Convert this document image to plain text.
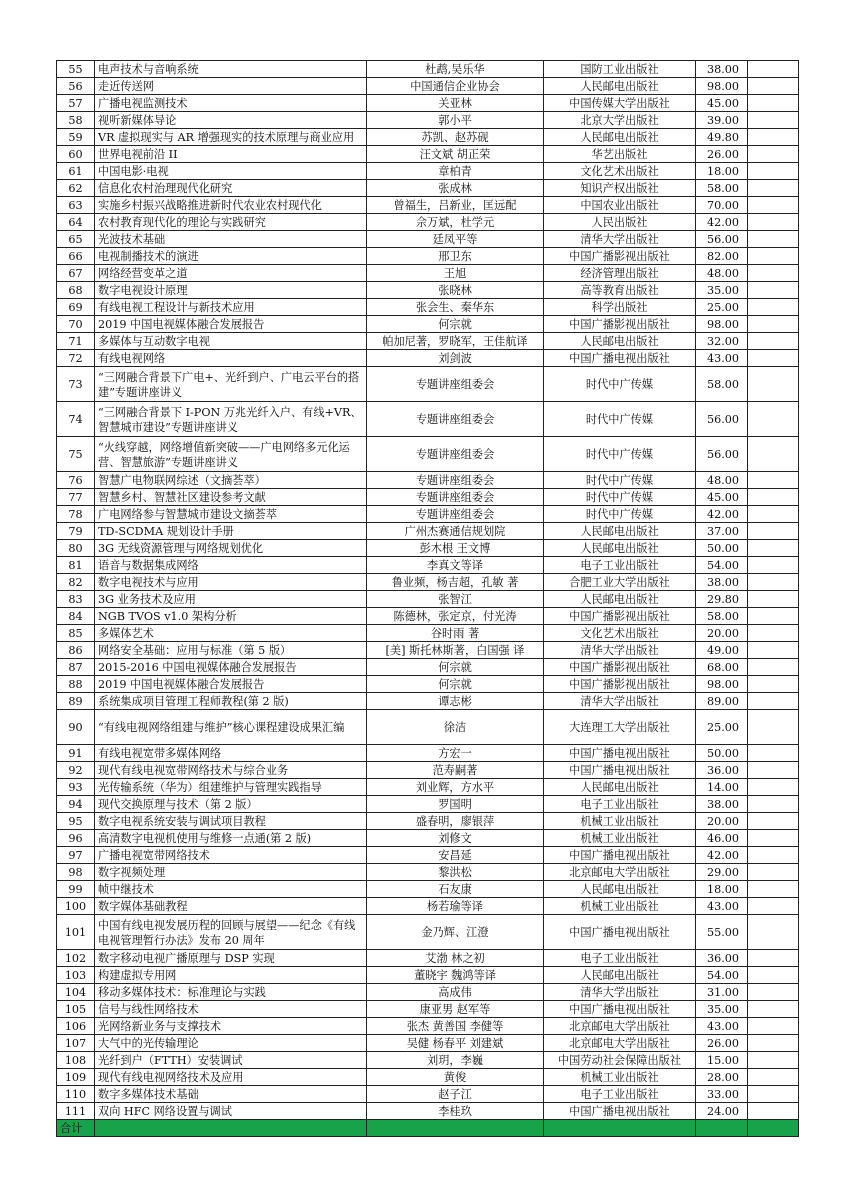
55	电声技术与音响系统	杜鹉,吴乐华	国防工业出版社	38.00	
56	走近传送网	中国通信企业协会	人民邮电出版社	98.00	
57	广播电视监测技术	关亚林	中国传媒大学出版社	45.00	
58	视听新媒体导论	郭小平	北京大学出版社	39.00	
59	VR 虚拟现实与 AR 增强现实的技术原理与商业应用	苏凯、赵苏砚	人民邮电出版社	49.80	
60	世界电视前沿 II	汪文斌 胡正荣	华艺出版社	26.00	
61	中国电影·电视	章柏青	文化艺术出版社	18.00	
62	信息化农村治理现代化研究	张成林	知识产权出版社	58.00	
63	实施乡村振兴战略推进新时代农业农村现代化	曾福生，吕新业，匡远配	中国农业出版社	70.00	
64	农村教育现代化的理论与实践研究	佘万斌，杜学元	人民出版社	42.00	
65	光波技术基础	廷凤平等	清华大学出版社	56.00	
66	电视制播技术的演进	邢卫东	中国广播影视出版社	82.00	
67	网络经营变革之道	王旭	经济管理出版社	48.00	
68	数字电视设计原理	张晓林	高等教育出版社	35.00	
69	有线电视工程设计与新技术应用	张会生、秦华东	科学出版社	25.00	
70	2019 中国电视媒体融合发展报告	何宗就	中国广播影视出版社	98.00	
71	多媒体与互动数字电视	帕加尼著，罗晓军，王佳航译	人民邮电出版社	32.00	
72	有线电视网络	刘剑波	中国广播电视出版社	43.00	
73	“三网融合背景下广电+、光纤到户、广电云平台的搭建”专题讲座讲义	专题讲座组委会	时代中广传媒	58.00	
74	“三网融合背景下 I-PON 万兆光纤入户、有线+VR、智慧城市建设”专题讲座讲义	专题讲座组委会	时代中广传媒	56.00	
75	“火线穿越，网络增值新突破——广电网络多元化运营、智慧旅游”专题讲座讲义	专题讲座组委会	时代中广传媒	56.00	
76	智慧广电物联网综述（文摘荟萃）	专题讲座组委会	时代中广传媒	48.00	
77	智慧乡村、智慧社区建设参考文献	专题讲座组委会	时代中广传媒	45.00	
78	广电网络参与智慧城市建设文摘荟萃	专题讲座组委会	时代中广传媒	42.00	
79	TD-SCDMA 规划设计手册	广州杰赛通信规划院	人民邮电出版社	37.00	
80	3G 无线资源管理与网络规划优化	彭木根 王文博	人民邮电出版社	50.00	
81	语音与数据集成网络	李真文等译	电子工业出版社	54.00	
82	数字电视技术与应用	鲁业频，杨吉超，孔敏 著	合肥工业大学出版社	38.00	
83	3G 业务技术及应用	张智江	人民邮电出版社	29.80	
84	NGB TVOS v1.0 架构分析	陈德林，张定京，付光涛	中国广播影视出版社	58.00	
85	多媒体艺术	谷时雨 著	文化艺术出版社	20.00	
86	网络安全基础：应用与标准（第 5 版）	[美] 斯托林斯著，白国强 译	清华大学出版社	49.00	
87	2015-2016 中国电视媒体融合发展报告	何宗就	中国广播影视出版社	68.00	
88	2019 中国电视媒体融合发展报告	何宗就	中国广播影视出版社	98.00	
89	系统集成项目管理工程师教程(第 2 版)	谭志彬	清华大学出版社	89.00	
90	“有线电视网络组建与维护”核心课程建设成果汇编	徐洁	大连理工大学出版社	25.00	
91	有线电视宽带多媒体网络	方宏一	中国广播电视出版社	50.00	
92	现代有线电视宽带网络技术与综合业务	范寿嗣著	中国广播电视出版社	36.00	
93	光传输系统（华为）组建维护与管理实践指导	刘业辉，方水平	人民邮电出版社	14.00	
94	现代交换原理与技术（第 2 版）	罗国明	电子工业出版社	38.00	
95	数字电视系统安装与调试项目教程	盛春明，廖银萍	机械工业出版社	20.00	
96	高清数字电视机使用与维修一点通(第 2 版)	刘修文	机械工业出版社	46.00	
97	广播电视宽带网络技术	安昌延	中国广播电视出版社	42.00	
98	数字视频处理	黎洪松	北京邮电大学出版社	29.00	
99	帧中继技术	石友康	人民邮电出版社	18.00	
100	数字媒体基础教程	杨若瑜等译	机械工业出版社	43.00	
101	中国有线电视发展历程的回顾与展望——纪念《有线电视管理暂行办法》发布 20 周年	金乃辉、江澄	中国广播电视出版社	55.00	
102	数字移动电视广播原理与 DSP 实现	艾渤 林之初	电子工业出版社	36.00	
103	构建虚拟专用网	董晓宇 魏鸿等译	人民邮电出版社	54.00	
104	移动多媒体技术：标准理论与实践	高成伟	清华大学出版社	31.00	
105	信号与线性网络技术	康亚男 赵军等	中国广播电视出版社	35.00	
106	光网络新业务与支撑技术	张杰 黄善国 李健等	北京邮电大学出版社	43.00	
107	大气中的光传输理论	吴健 杨春平 刘建斌	北京邮电大学出版社	26.00	
108	光纤到户（FTTH）安装调试	刘玥，李巍	中国劳动社会保障出版社	15.00	
109	现代有线电视网络技术及应用	黄俊	机械工业出版社	28.00	
110	数字多媒体技术基础	赵子江	电子工业出版社	33.00	
111	双向 HFC 网络设置与调试	李桂玖	中国广播电视出版社	24.00	
合计					
